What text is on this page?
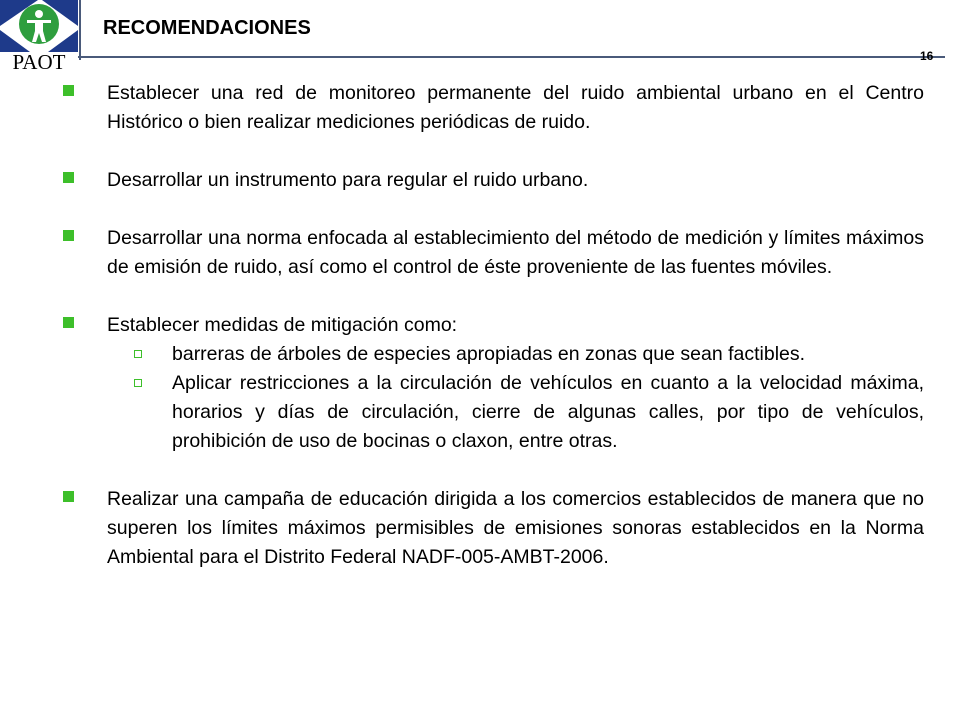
PAOT
RECOMENDACIONES
16
Establecer una red de monitoreo permanente del ruido ambiental urbano en el Centro Histórico o bien realizar mediciones periódicas de ruido.
Desarrollar un instrumento para regular el ruido urbano.
Desarrollar una norma enfocada al establecimiento del método de medición y límites máximos de emisión de ruido, así como el control de éste proveniente de las fuentes móviles.
Establecer medidas de mitigación como:
barreras de árboles de especies apropiadas en zonas que sean factibles.
Aplicar restricciones a la circulación de vehículos en cuanto a la velocidad máxima, horarios y días de circulación, cierre de algunas calles, por tipo de vehículos, prohibición de uso de bocinas o claxon, entre otras.
Realizar una campaña de educación dirigida a los comercios establecidos de manera que no superen los límites máximos permisibles de emisiones sonoras establecidos en la Norma Ambiental para el Distrito Federal NADF-005-AMBT-2006.
